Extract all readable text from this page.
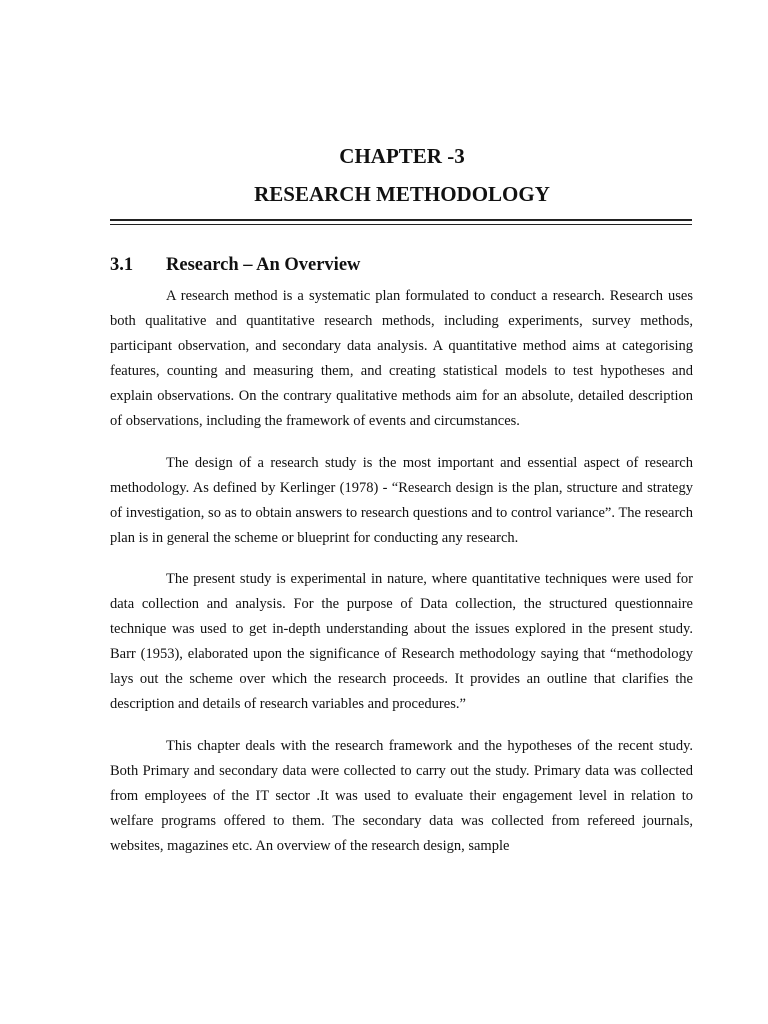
CHAPTER -3
RESEARCH METHODOLOGY
3.1 Research – An Overview

A research method is a systematic plan formulated to conduct a research. Research uses both qualitative and quantitative research methods, including experiments, survey methods, participant observation, and secondary data analysis. A quantitative method aims at categorising features, counting and measuring them, and creating statistical models to test hypotheses and explain observations. On the contrary qualitative methods aim for an absolute, detailed description of observations, including the framework of events and circumstances.

The design of a research study is the most important and essential aspect of research methodology. As defined by Kerlinger (1978) - “Research design is the plan, structure and strategy of investigation, so as to obtain answers to research questions and to control variance”. The research plan is in general the scheme or blueprint for conducting any research.

The present study is experimental in nature, where quantitative techniques were used for data collection and analysis. For the purpose of Data collection, the structured questionnaire technique was used to get in-depth understanding about the issues explored in the present study. Barr (1953), elaborated upon the significance of Research methodology saying that “methodology lays out the scheme over which the research proceeds. It provides an outline that clarifies the description and details of research variables and procedures.”

This chapter deals with the research framework and the hypotheses of the recent study. Both Primary and secondary data were collected to carry out the study. Primary data was collected from employees of the IT sector .It was used to evaluate their engagement level in relation to welfare programs offered to them. The secondary data was collected from refereed journals, websites, magazines etc. An overview of the research design, sample
